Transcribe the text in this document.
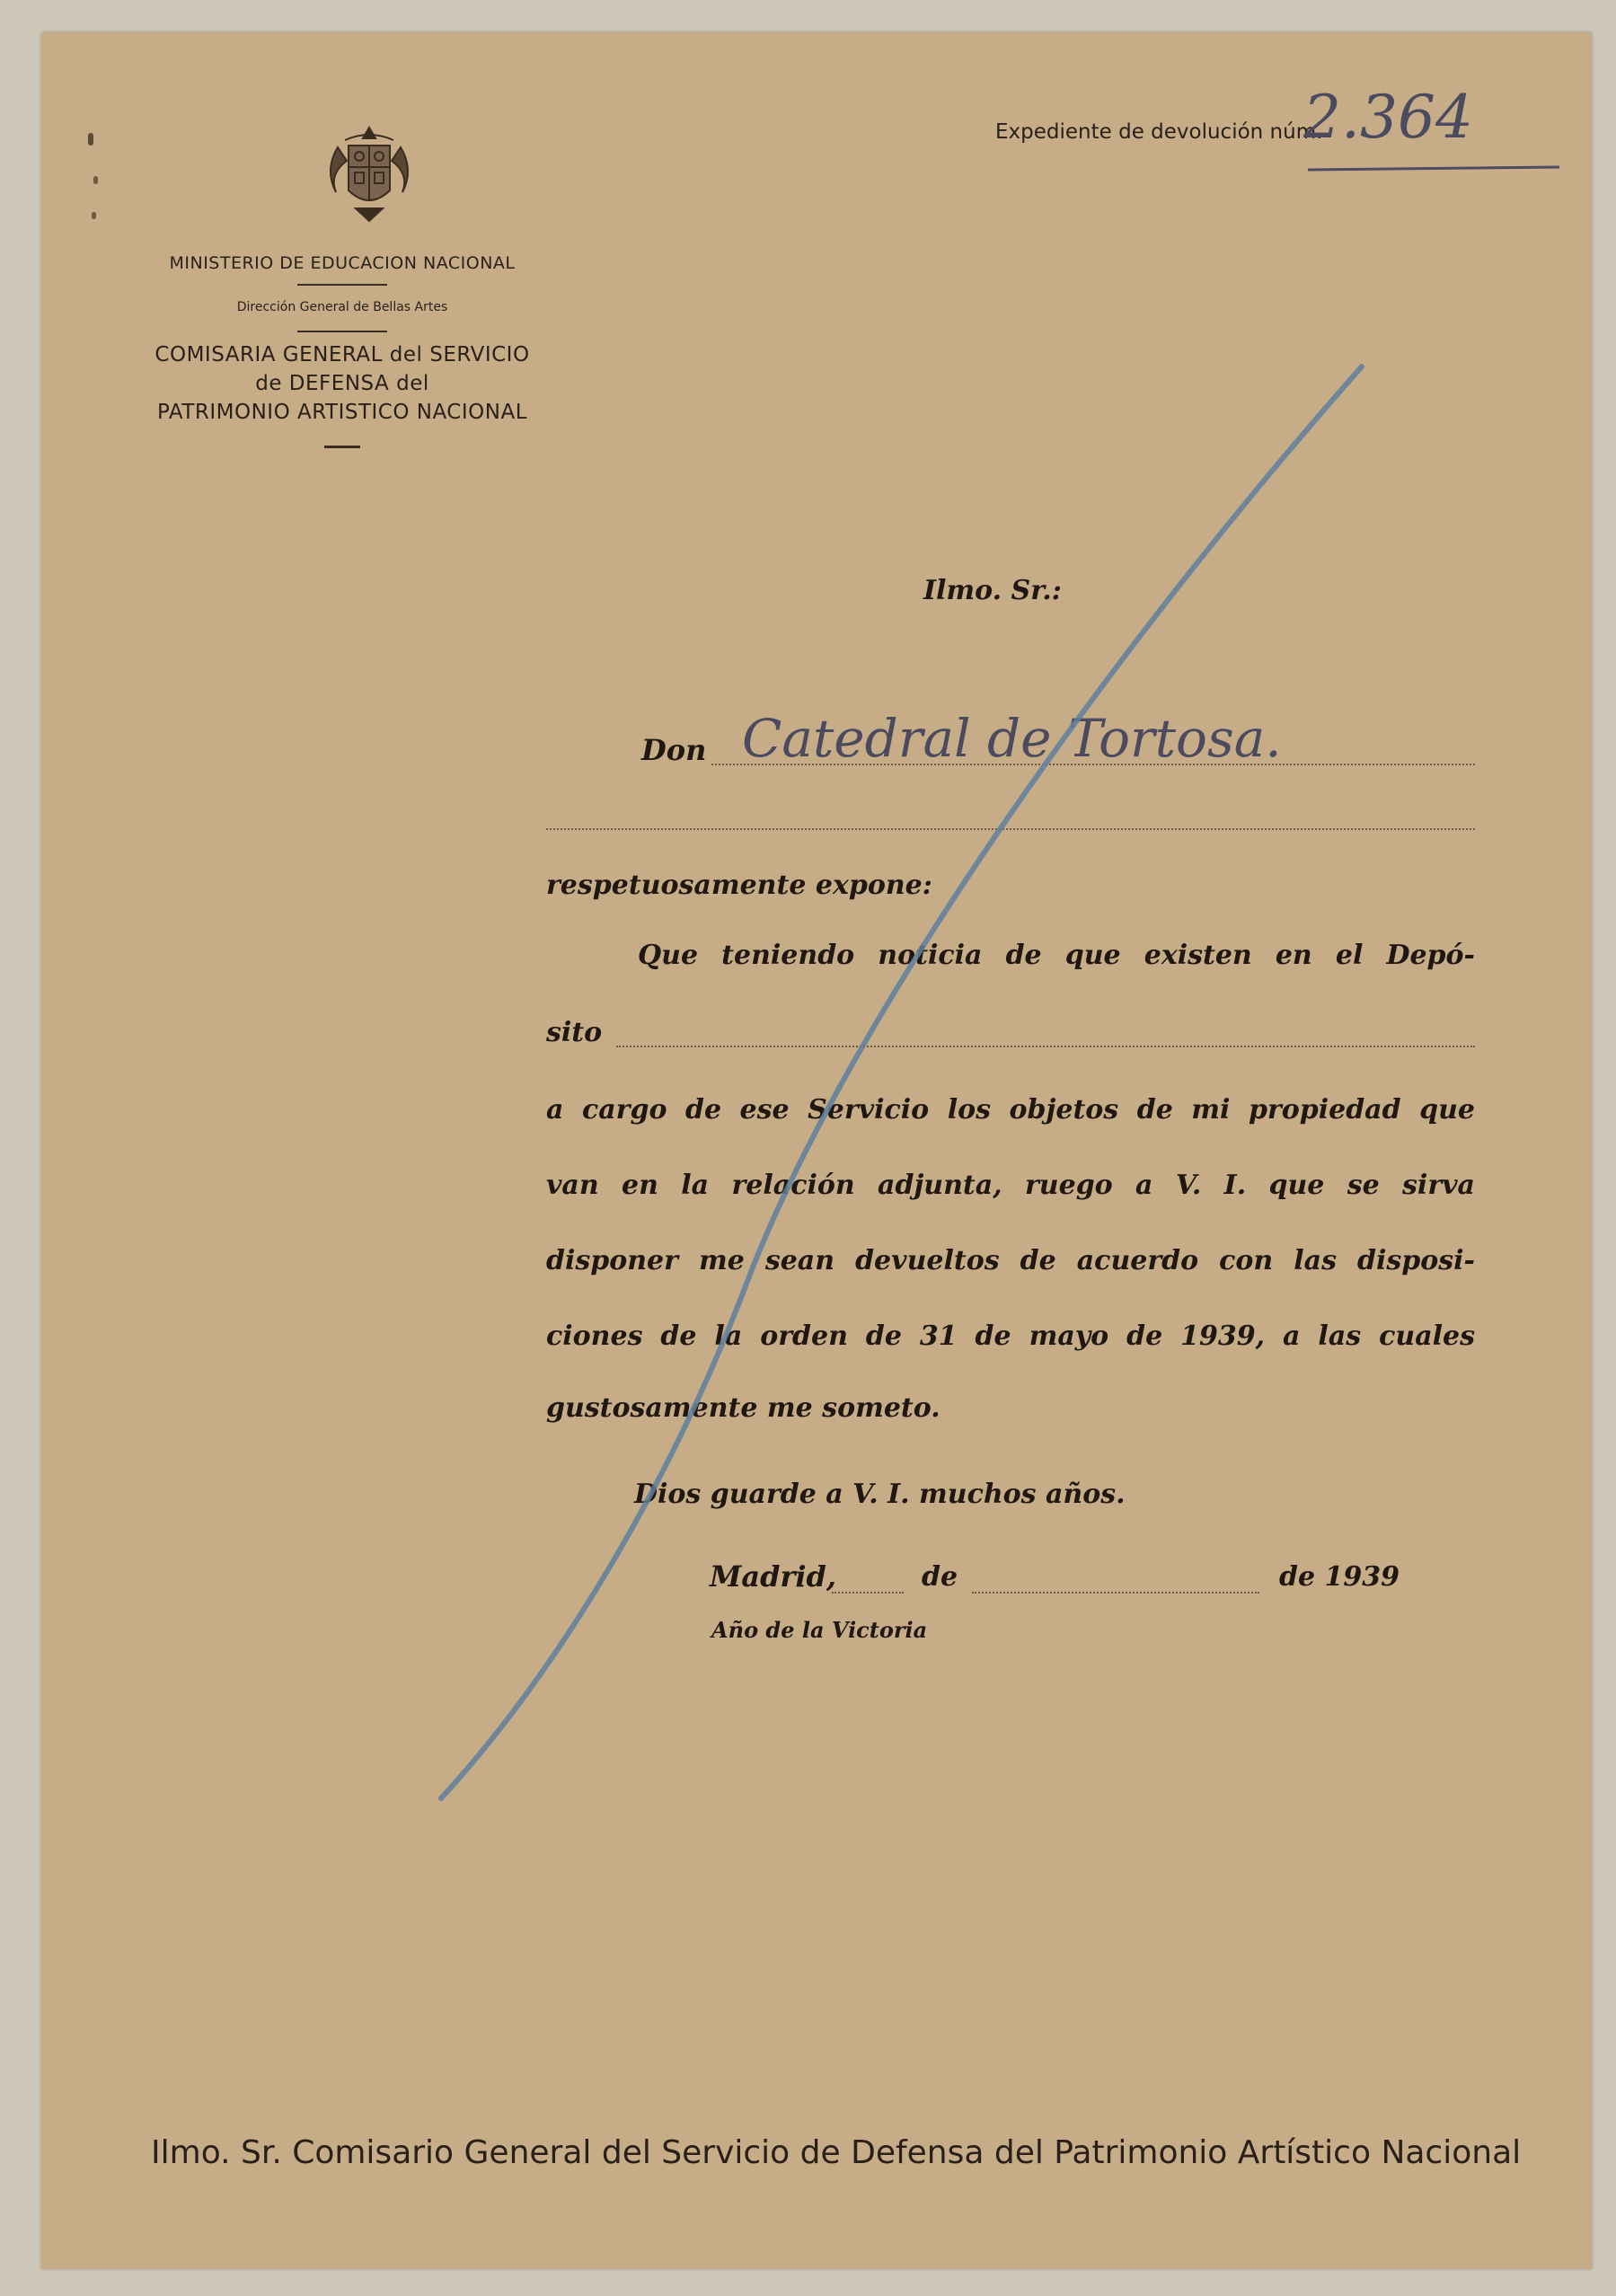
MINISTERIO DE EDUCACION NACIONAL
Dirección General de Bellas Artes
COMISARIA GENERAL del SERVICIO
de DEFENSA del
PATRIMONIO ARTISTICO NACIONAL
Expediente de devolución núm.
2.364
Ilmo. Sr.:
Don Catedral de Tortosa.
respetuosamente expone:
Que teniendo noticia de que existen en el Depó-
sito
a cargo de ese Servicio los objetos de mi propiedad que
van en la relación adjunta, ruego a V. I. que se sirva
disponer me sean devueltos de acuerdo con las disposi-
ciones de la orden de 31 de mayo de 1939, a las cuales
gustosamente me someto.
Dios guarde a V. I. muchos años.
Madrid,	de	de 1939
Año de la Victoria
Ilmo. Sr. Comisario General del Servicio de Defensa del Patrimonio Artístico Nacional
